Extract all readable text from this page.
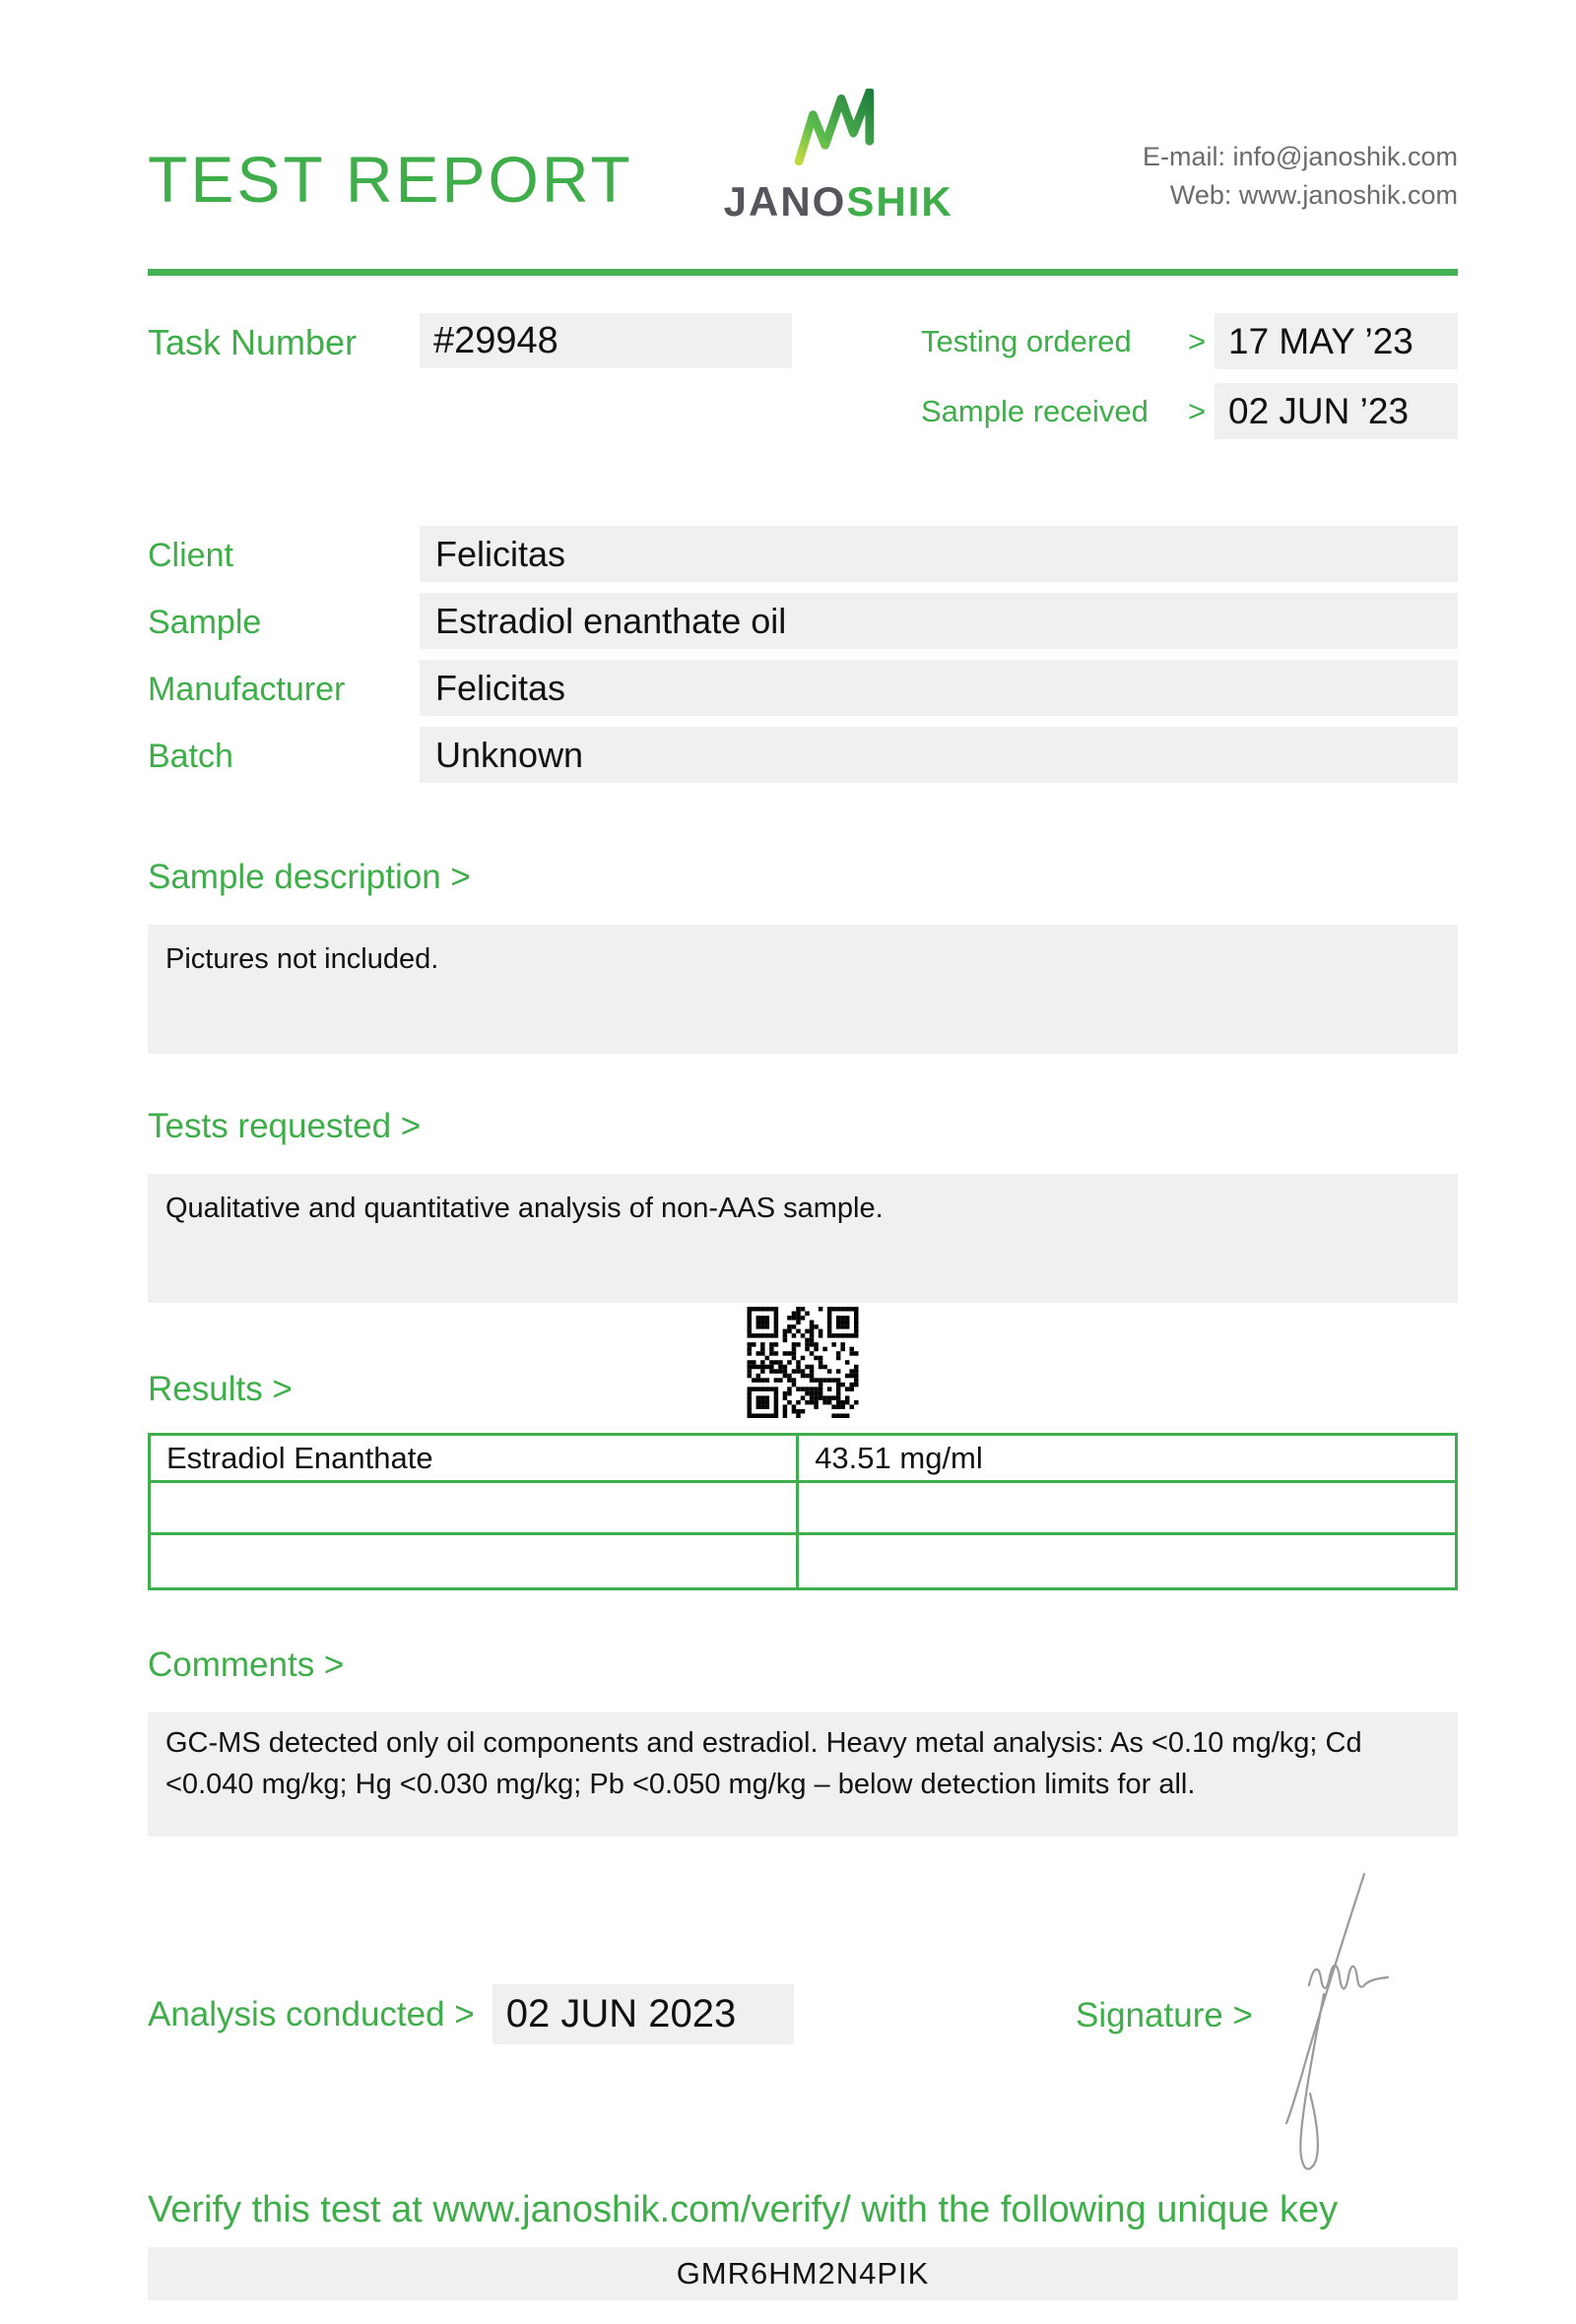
TEST REPORT JANOSHIK
E-mail: info@janoshik.com
Web: www.janoshik.com
Task Number	#29948	Testing ordered	> 17 MAY ’23
Sample received	> 02 JUN ’23
Client	Felicitas
Sample	Estradiol enanthate oil
Manufacturer	Felicitas
Batch	Unknown
Sample description >
Pictures not included.
Tests requested >
Qualitative and quantitative analysis of non-AAS sample.
Results >
Estradiol Enanthate	43.51 mg/ml

Comments >
GC-MS detected only oil components and estradiol. Heavy metal analysis: As <0.10 mg/kg; Cd <0.040 mg/kg; Hg <0.030 mg/kg; Pb <0.050 mg/kg – below detection limits for all.
Analysis conducted > 02 JUN 2023	Signature >
Verify this test at www.janoshik.com/verify/ with the following unique key
GMR6HM2N4PIK
